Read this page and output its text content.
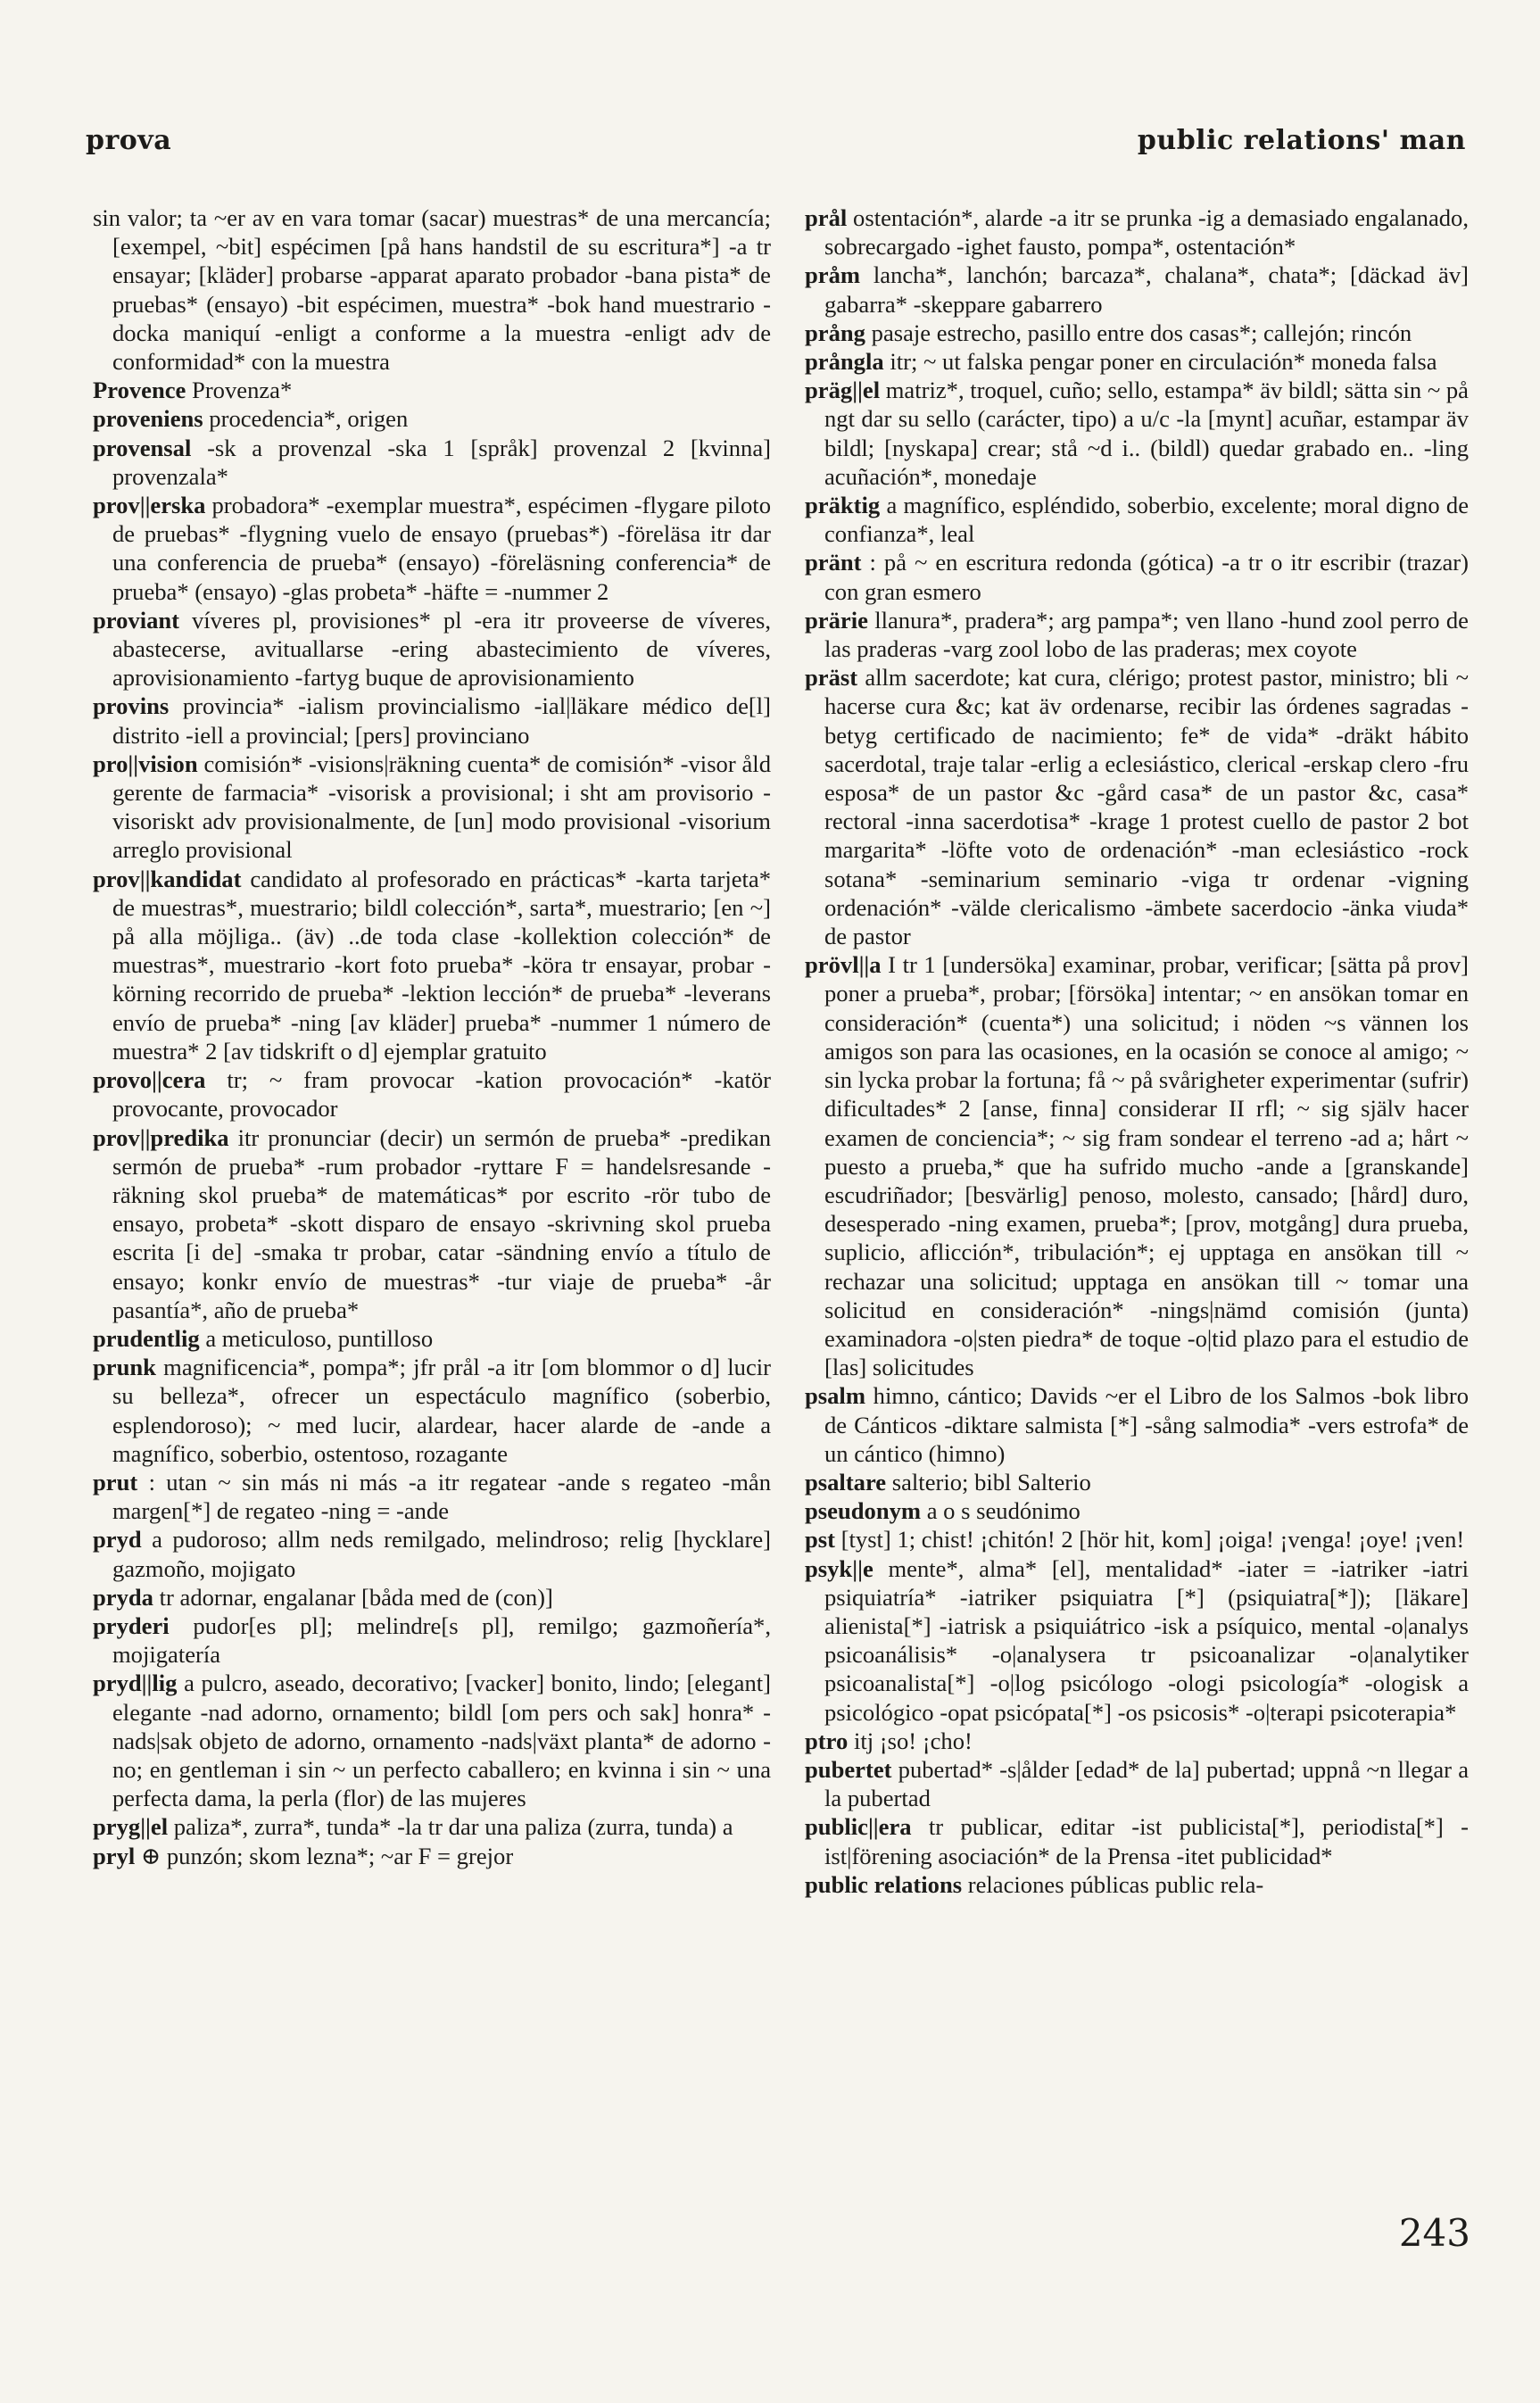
prova	public relations' man

sin valor; ta ~er av en vara tomar (sacar) muestras* de una mercancía; [exempel, ~bit] espécimen [på hans handstil de su escritura*] -a tr ensayar; [kläder] probarse -apparat aparato probador -bana pista* de pruebas* (ensayo) -bit espécimen, muestra* -bok hand muestrario -docka maniquí -enligt a conforme a la muestra -enligt adv de conformidad* con la muestra

Provence Provenza*

proveniens procedencia*, origen

provensal -sk a provenzal -ska 1 [språk] provenzal 2 [kvinna] provenzala*

prov||erska probadora* -exemplar muestra*, espécimen -flygare piloto de pruebas* -flygning vuelo de ensayo (pruebas*) -föreläsa itr dar una conferencia de prueba* (ensayo) -föreläsning conferencia* de prueba* (ensayo) -glas probeta* -häfte = -nummer 2

proviant víveres pl, provisiones* pl -era itr proveerse de víveres, abastecerse, avituallarse -ering abastecimiento de víveres, aprovisionamiento -fartyg buque de aprovisionamiento

provins provincia* -ialism provincialismo -ial|läkare médico de[l] distrito -iell a provincial; [pers] provinciano

pro||vision comisión* -visions|räkning cuenta* de comisión* -visor åld gerente de farmacia* -visorisk a provisional; i sht am provisorio -visoriskt adv provisionalmente, de [un] modo provisional -visorium arreglo provisional

prov||kandidat candidato al profesorado en prácticas* -karta tarjeta* de muestras*, muestrario; bildl colección*, sarta*, muestrario; [en ~] på alla möjliga.. (äv) ..de toda clase -kollektion colección* de muestras*, muestrario -kort foto prueba* -köra tr ensayar, probar -körning recorrido de prueba* -lektion lección* de prueba* -leverans envío de prueba* -ning [av kläder] prueba* -nummer 1 número de muestra* 2 [av tidskrift o d] ejemplar gratuito

provo||cera tr; ~ fram provocar -kation provocación* -katör provocante, provocador

prov||predika itr pronunciar (decir) un sermón de prueba* -predikan sermón de prueba* -rum probador -ryttare F = handelsresande -räkning skol prueba* de matemáticas* por escrito -rör tubo de ensayo, probeta* -skott disparo de ensayo -skrivning skol prueba escrita [i de] -smaka tr probar, catar -sändning envío a título de ensayo; konkr envío de muestras* -tur viaje de prueba* -år pasantía*, año de prueba*

prudentlig a meticuloso, puntilloso

prunk magnificencia*, pompa*; jfr prål -a itr [om blommor o d] lucir su belleza*, ofrecer un espectáculo magnífico (soberbio, esplendoroso); ~ med lucir, alardear, hacer alarde de -ande a magnífico, soberbio, ostentoso, rozagante

prut : utan ~ sin más ni más -a itr regatear -ande s regateo -mån margen[*] de regateo -ning = -ande

pryd a pudoroso; allm neds remilgado, melindroso; relig [hycklare] gazmoño, mojigato

pryda tr adornar, engalanar [båda med de (con)]

pryderi pudor[es pl]; melindre[s pl], remilgo; gazmoñería*, mojigatería

pryd||lig a pulcro, aseado, decorativo; [vacker] bonito, lindo; [elegant] elegante -nad adorno, ornamento; bildl [om pers och sak] honra* -nads|sak objeto de adorno, ornamento -nads|växt planta* de adorno -no; en gentleman i sin ~ un perfecto caballero; en kvinna i sin ~ una perfecta dama, la perla (flor) de las mujeres

pryg||el paliza*, zurra*, tunda* -la tr dar una paliza (zurra, tunda) a

pryl ⊕ punzón; skom lezna*; ~ar F = grejor

prål ostentación*, alarde -a itr se prunka -ig a demasiado engalanado, sobrecargado -ighet fausto, pompa*, ostentación*

pråm lancha*, lanchón; barcaza*, chalana*, chata*; [däckad äv] gabarra* -skeppare gabarrero

prång pasaje estrecho, pasillo entre dos casas*; callejón; rincón

prångla itr; ~ ut falska pengar poner en circulación* moneda falsa

präg||el matriz*, troquel, cuño; sello, estampa* äv bildl; sätta sin ~ på ngt dar su sello (carácter, tipo) a u/c -la [mynt] acuñar, estampar äv bildl; [nyskapa] crear; stå ~d i.. (bildl) quedar grabado en.. -ling acuñación*, monedaje

präktig a magnífico, espléndido, soberbio, excelente; moral digno de confianza*, leal

pränt : på ~ en escritura redonda (gótica) -a tr o itr escribir (trazar) con gran esmero

prärie llanura*, pradera*; arg pampa*; ven llano -hund zool perro de las praderas -varg zool lobo de las praderas; mex coyote

präst allm sacerdote; kat cura, clérigo; protest pastor, ministro; bli ~ hacerse cura &c; kat äv ordenarse, recibir las órdenes sagradas -betyg certificado de nacimiento; fe* de vida* -dräkt hábito sacerdotal, traje talar -erlig a eclesiástico, clerical -erskap clero -fru esposa* de un pastor &c -gård casa* de un pastor &c, casa* rectoral -inna sacerdotisa* -krage 1 protest cuello de pastor 2 bot margarita* -löfte voto de ordenación* -man eclesiástico -rock sotana* -seminarium seminario -viga tr ordenar -vigning ordenación* -välde clericalismo -ämbete sacerdocio -änka viuda* de pastor

prövl||a I tr 1 [undersöka] examinar, probar, verificar; [sätta på prov] poner a prueba*, probar; [försöka] intentar; ~ en ansökan tomar en consideración* (cuenta*) una solicitud; i nöden ~s vännen los amigos son para las ocasiones, en la ocasión se conoce al amigo; ~ sin lycka probar la fortuna; få ~ på svårigheter experimentar (sufrir) dificultades* 2 [anse, finna] considerar II rfl; ~ sig själv hacer examen de conciencia*; ~ sig fram sondear el terreno -ad a; hårt ~ puesto a prueba,* que ha sufrido mucho -ande a [granskande] escudriñador; [besvärlig] penoso, molesto, cansado; [hård] duro, desesperado -ning examen, prueba*; [prov, motgång] dura prueba, suplicio, aflicción*, tribulación*; ej upptaga en ansökan till ~ rechazar una solicitud; upptaga en ansökan till ~ tomar una solicitud en consideración* -nings|nämd comisión (junta) examinadora -o|sten piedra* de toque -o|tid plazo para el estudio de [las] solicitudes

psalm himno, cántico; Davids ~er el Libro de los Salmos -bok libro de Cánticos -diktare salmista [*] -sång salmodia* -vers estrofa* de un cántico (himno)

psaltare salterio; bibl Salterio

pseudonym a o s seudónimo

pst [tyst] 1; chist! ¡chitón! 2 [hör hit, kom] ¡oiga! ¡venga! ¡oye! ¡ven!

psyk||e mente*, alma* [el], mentalidad* -iater = -iatriker -iatri psiquiatría* -iatriker psiquiatra [*] (psiquiatra[*]); [läkare] alienista[*] -iatrisk a psiquiátrico -isk a psíquico, mental -o|analys psicoanálisis* -o|analysera tr psicoanalizar -o|analytiker psicoanalista[*] -o|log psicólogo -ologi psicología* -ologisk a psicológico -opat psicópata[*] -os psicosis* -o|terapi psicoterapia*

ptro itj ¡so! ¡cho!

pubertet pubertad* -s|ålder [edad* de la] pubertad; uppnå ~n llegar a la pubertad

public||era tr publicar, editar -ist publicista[*], periodista[*] -ist|förening asociación* de la Prensa -itet publicidad*

public relations relaciones públicas public rela-

243
